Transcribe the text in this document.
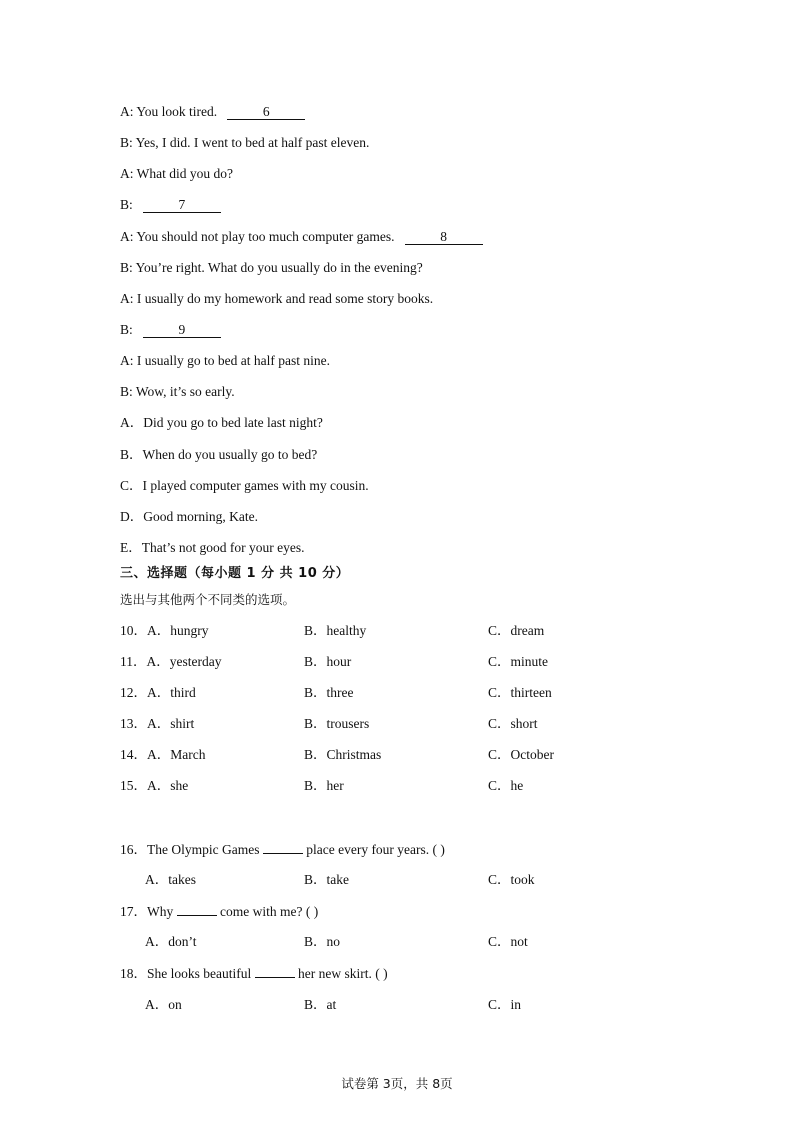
A: You look tired.	6
B: Yes, I did. I went to bed at half past eleven.
A: What did you do?
B:	7
A: You should not play too much computer games.	8
B: You’re right. What do you usually do in the evening?
A: I usually do my homework and read some story books.
B:	9
A: I usually go to bed at half past nine.
B: Wow, it’s so early.
A．Did you go to bed late last night?
B．When do you usually go to bed?
C．I played computer games with my cousin.
D．Good morning, Kate.
E．That’s not good for your eyes.
三、选择题（每小题 1 分 共 10 分）
选出与其他两个不同类的选项。
10．A．hungry	B．healthy	C．dream
11．A．yesterday	B．hour	C．minute
12．A．third	B．three	C．thirteen
13．A．shirt	B．trousers	C．short
14．A．March	B．Christmas	C．October
15．A．she	B．her	C．he
16．The Olympic Games	place every four years. ( )
A．takes	B．take	C．took
17．Why	come with me? ( )
A．don’t	B．no	C．not
18．She looks beautiful	her new skirt. ( )
A．on	B．at	C．in
试卷第 3页，共 8页
